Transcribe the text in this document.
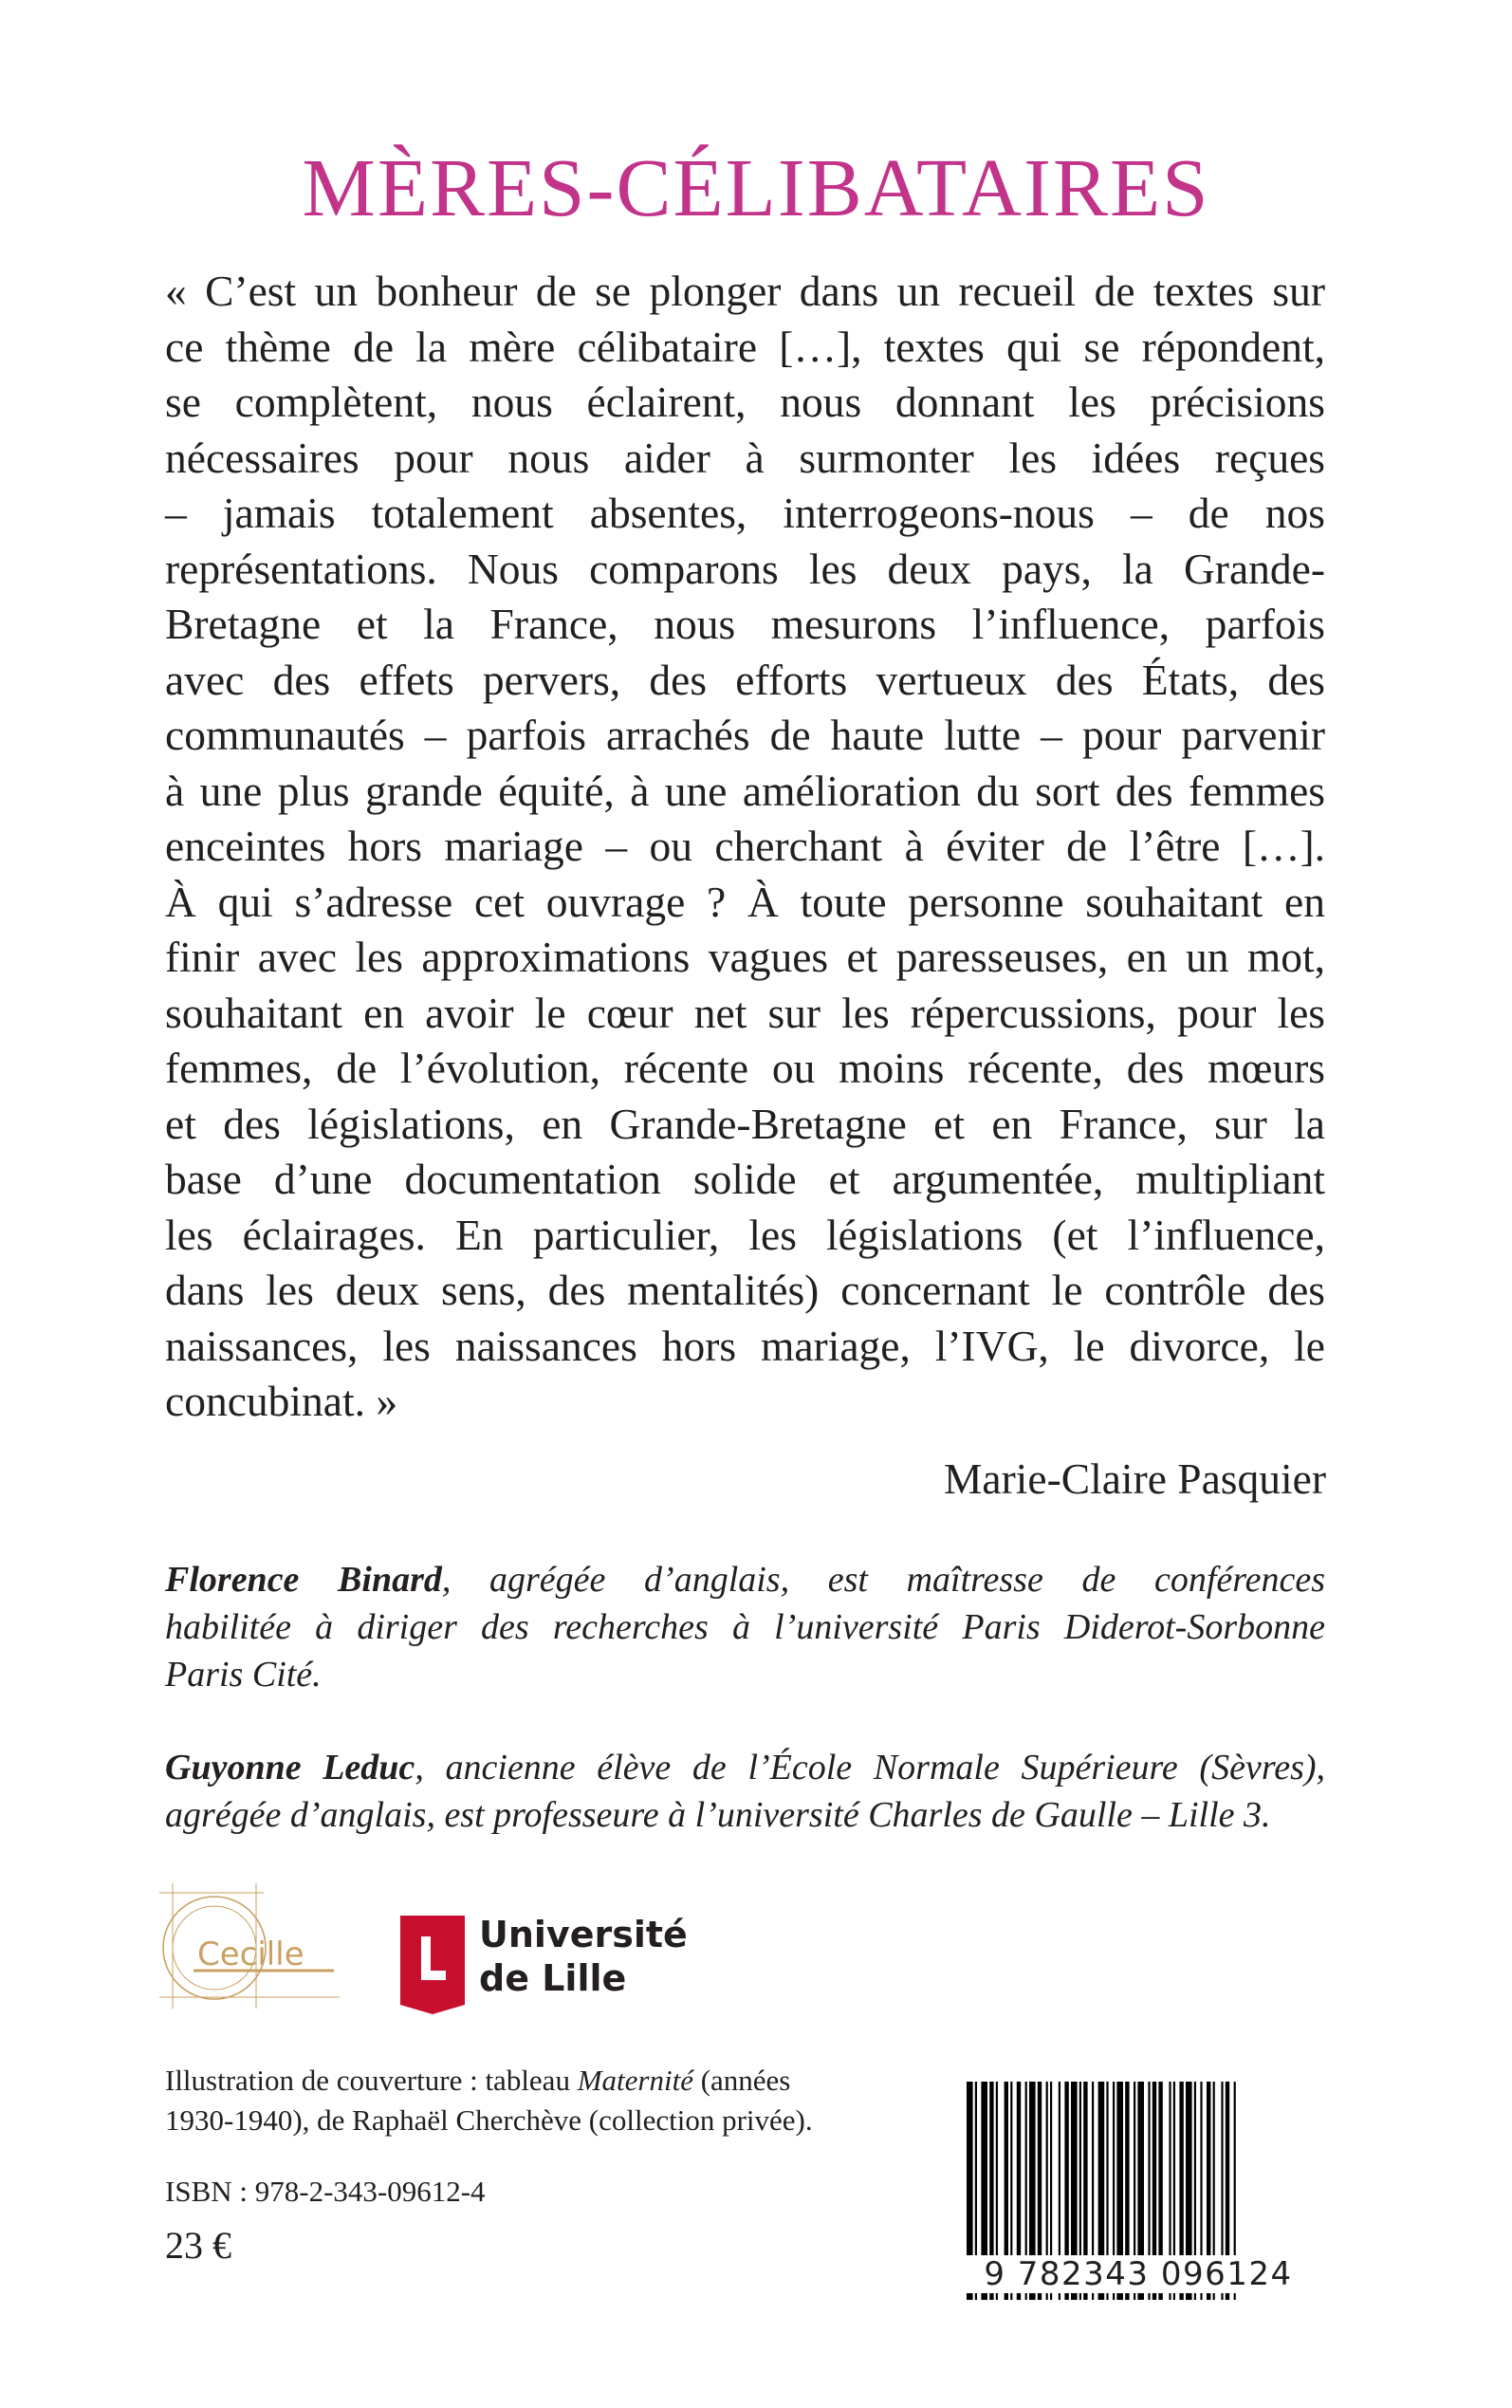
MÈRES-CÉLIBATAIRES
« C’est un bonheur de se plonger dans un recueil de textes sur
ce thème de la mère célibataire […], textes qui se répondent,
se complètent, nous éclairent, nous donnant les précisions
nécessaires pour nous aider à surmonter les idées reçues
– jamais totalement absentes, interrogeons-nous – de nos
représentations. Nous comparons les deux pays, la Grande-
Bretagne et la France, nous mesurons l’influence, parfois
avec des effets pervers, des efforts vertueux des États, des
communautés – parfois arrachés de haute lutte – pour parvenir
à une plus grande équité, à une amélioration du sort des femmes
enceintes hors mariage – ou cherchant à éviter de l’être […].
À qui s’adresse cet ouvrage ? À toute personne souhaitant en
finir avec les approximations vagues et paresseuses, en un mot,
souhaitant en avoir le cœur net sur les répercussions, pour les
femmes, de l’évolution, récente ou moins récente, des mœurs
et des législations, en Grande-Bretagne et en France, sur la
base d’une documentation solide et argumentée, multipliant
les éclairages. En particulier, les législations (et l’influence,
dans les deux sens, des mentalités) concernant le contrôle des
naissances, les naissances hors mariage, l’IVG, le divorce, le
concubinat. »
Marie-Claire Pasquier
Florence Binard, agrégée d’anglais, est maîtresse de conférences
habilitée à diriger des recherches à l’université Paris Diderot-Sorbonne
Paris Cité.
Guyonne Leduc, ancienne élève de l’École Normale Supérieure (Sèvres),
agrégée d’anglais, est professeure à l’université Charles de Gaulle – Lille 3.
Cecille	Université
de Lille
Illustration de couverture : tableau Maternité (années
1930-1940), de Raphaël Cherchève (collection privée).
ISBN : 978-2-343-09612-4
23 €
9 782343 096124
